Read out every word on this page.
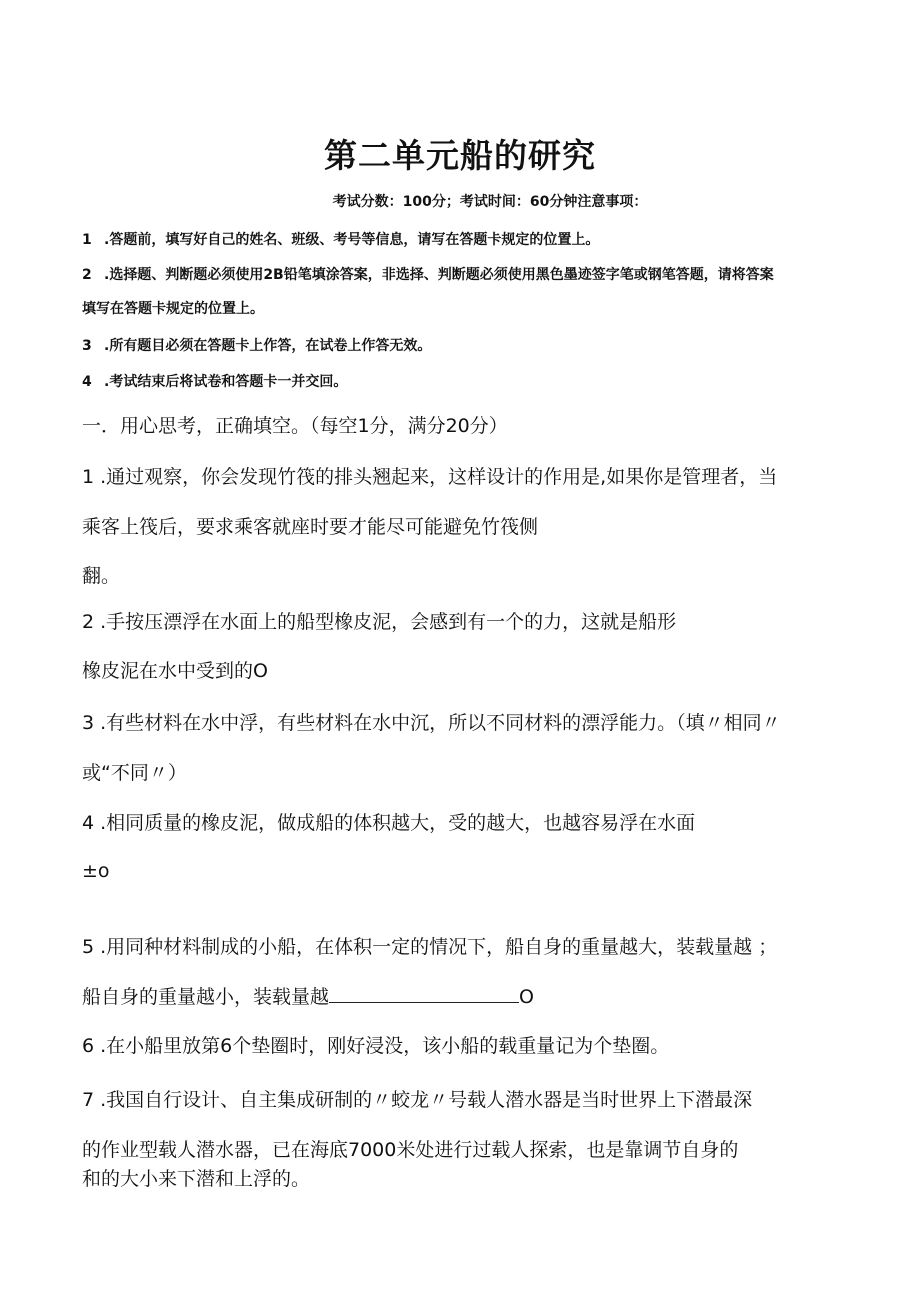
第二单元船的研究
考试分数：100分；考试时间：60分钟注意事项：
1 .答题前，填写好自己的姓名、班级、考号等信息，请写在答题卡规定的位置上。
2 .选择题、判断题必须使用2B铅笔填涂答案，非选择、判断题必须使用黑色墨迹签字笔或钢笔答题，请将答案
填写在答题卡规定的位置上。
3 .所有题目必须在答题卡上作答，在试卷上作答无效。
4 .考试结束后将试卷和答题卡一并交回。
一．用心思考，正确填空。（每空1分，满分20分）
1 .通过观察，你会发现竹筏的排头翘起来，这样设计的作用是,如果你是管理者，当
乘客上筏后，要求乘客就座时要才能尽可能避免竹筏侧
翻。
2 .手按压漂浮在水面上的船型橡皮泥，会感到有一个的力，这就是船形
橡皮泥在水中受到的O
3 .有些材料在水中浮，有些材料在水中沉，所以不同材料的漂浮能力。（填〃相同〃
或“不同〃）
4 .相同质量的橡皮泥，做成船的体积越大，受的越大，也越容易浮在水面
±o
5 .用同种材料制成的小船，在体积一定的情况下，船自身的重量越大，装载量越 ；
船自身的重量越小，装载量越	O
6 .在小船里放第6个垫圈时，刚好浸没，该小船的载重量记为个垫圈。
7 .我国自行设计、自主集成研制的〃蛟龙〃号载人潜水器是当时世界上下潜最深
的作业型载人潜水器，已在海底7000米处进行过载人探索，也是靠调节自身的
和的大小来下潜和上浮的。
